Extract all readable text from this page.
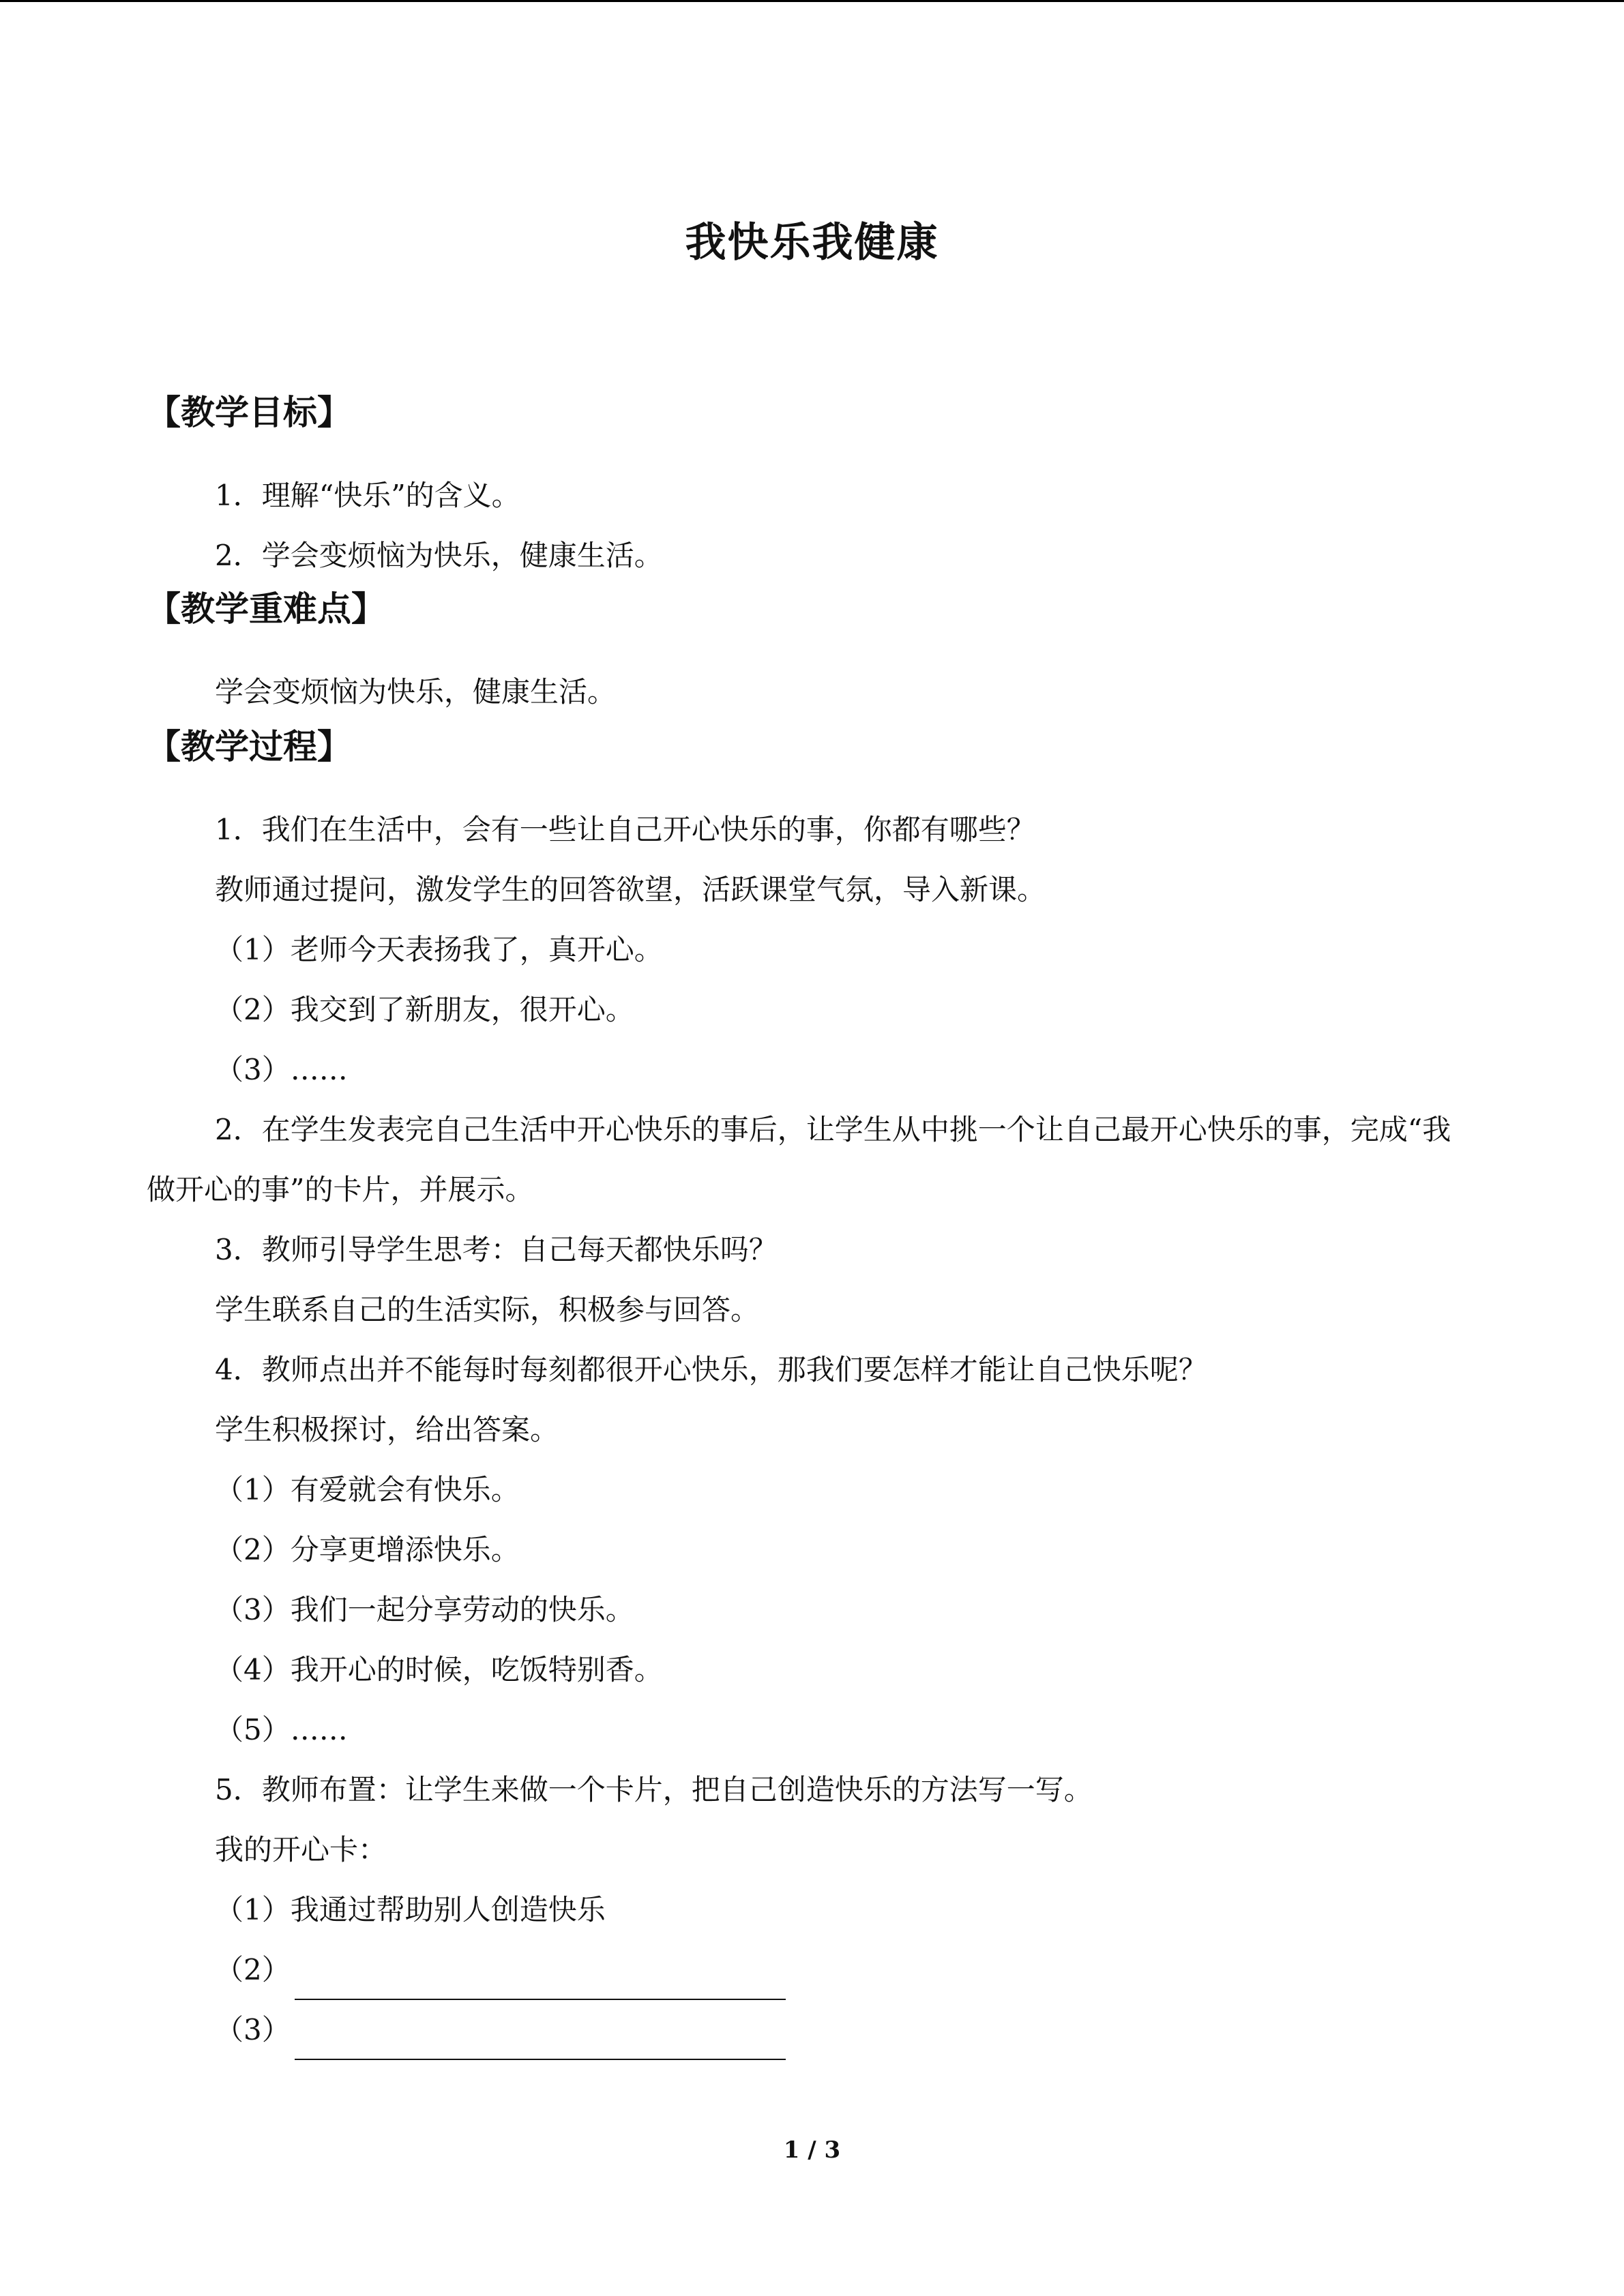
我快乐我健康
【教学目标】

1．理解“快乐”的含义。

2．学会变烦恼为快乐，健康生活。

【教学重难点】

学会变烦恼为快乐，健康生活。

【教学过程】

1．我们在生活中，会有一些让自己开心快乐的事，你都有哪些？

教师通过提问，激发学生的回答欲望，活跃课堂气氛，导入新课。

（1）老师今天表扬我了，真开心。

（2）我交到了新朋友，很开心。

（3）……

2．在学生发表完自己生活中开心快乐的事后，让学生从中挑一个让自己最开心快乐的事，完成“我做开心的事”的卡片，并展示。

3．教师引导学生思考：自己每天都快乐吗？

学生联系自己的生活实际，积极参与回答。

4．教师点出并不能每时每刻都很开心快乐，那我们要怎样才能让自己快乐呢？

学生积极探讨，给出答案。

（1）有爱就会有快乐。

（2）分享更增添快乐。

（3）我们一起分享劳动的快乐。

（4）我开心的时候，吃饭特别香。

（5）……

5．教师布置：让学生来做一个卡片，把自己创造快乐的方法写一写。

我的开心卡：

（1）我通过帮助别人创造快乐

（2）

（3）

1 / 3
